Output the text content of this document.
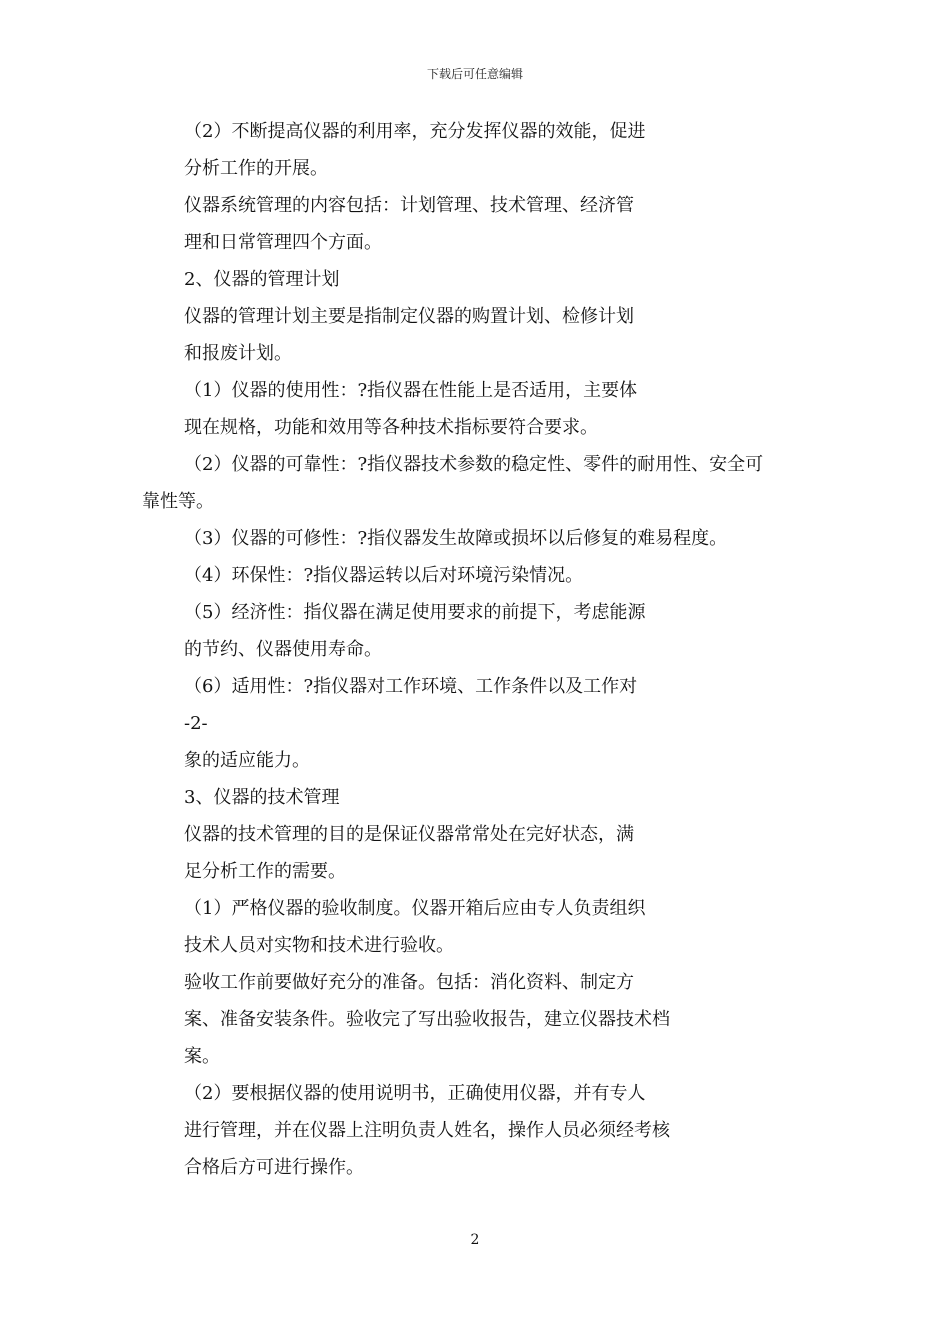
下载后可任意编辑
（2）不断提高仪器的利用率，充分发挥仪器的效能，促进
分析工作的开展。
仪器系统管理的内容包括：计划管理、技术管理、经济管
理和日常管理四个方面。
2、仪器的管理计划
仪器的管理计划主要是指制定仪器的购置计划、检修计划
和报废计划。
（1）仪器的使用性：?指仪器在性能上是否适用，主要体
现在规格，功能和效用等各种技术指标要符合要求。
（2）仪器的可靠性：?指仪器技术参数的稳定性、零件的耐用性、安全可
靠性等。
（3）仪器的可修性：?指仪器发生故障或损坏以后修复的难易程度。
（4）环保性：?指仪器运转以后对环境污染情况。
（5）经济性：指仪器在满足使用要求的前提下，考虑能源
的节约、仪器使用寿命。
（6）适用性：?指仪器对工作环境、工作条件以及工作对
-2-
象的适应能力。
3、仪器的技术管理
仪器的技术管理的目的是保证仪器常常处在完好状态，满
足分析工作的需要。
（1）严格仪器的验收制度。仪器开箱后应由专人负责组织
技术人员对实物和技术进行验收。
验收工作前要做好充分的准备。包括：消化资料、制定方
案、准备安装条件。验收完了写出验收报告，建立仪器技术档
案。
（2）要根据仪器的使用说明书，正确使用仪器，并有专人
进行管理，并在仪器上注明负责人姓名，操作人员必须经考核
合格后方可进行操作。
2
